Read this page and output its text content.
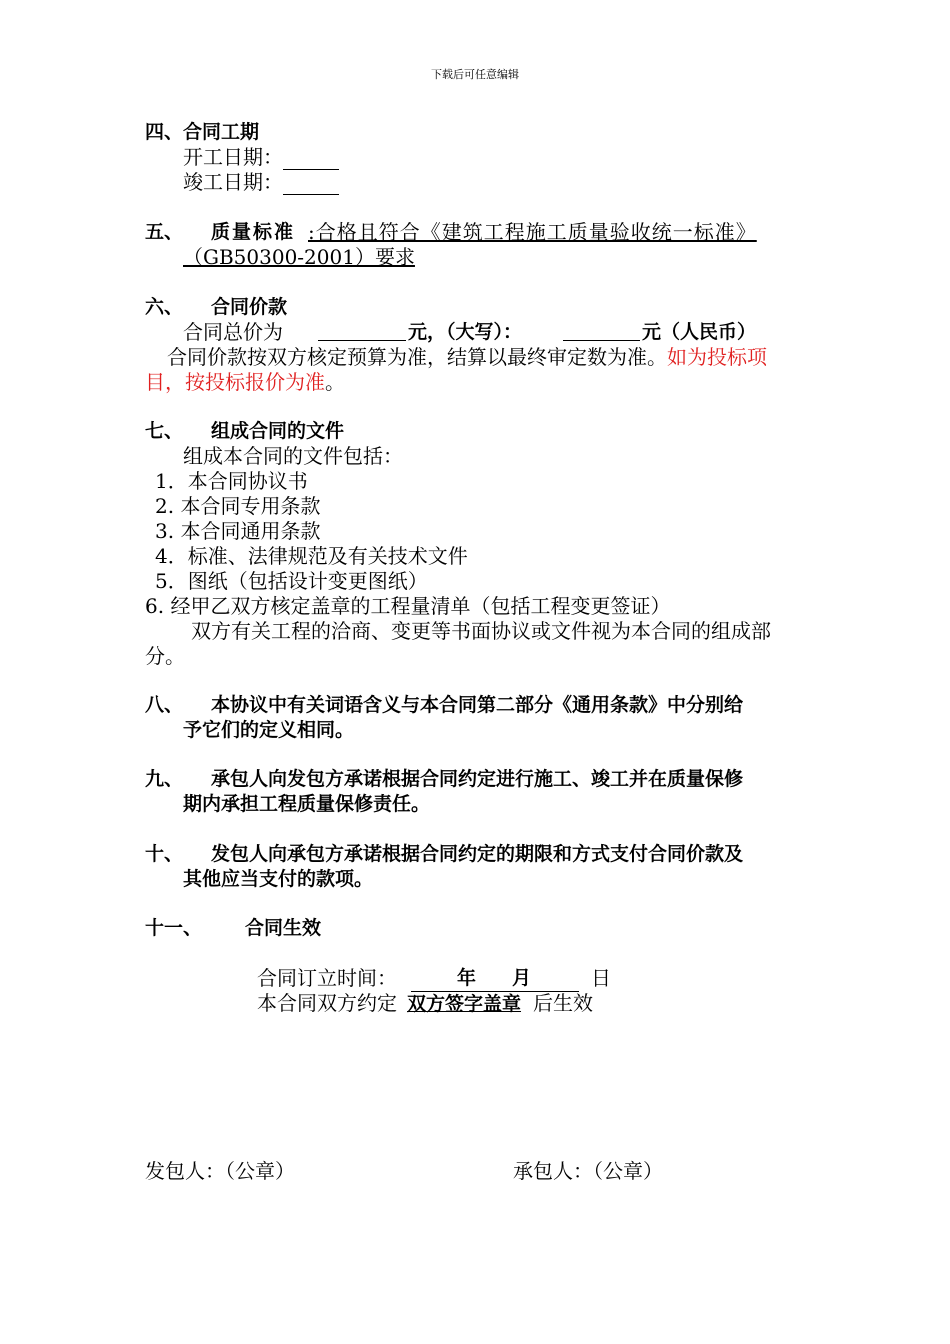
下载后可任意编辑
四、合同工期
开工日期：
竣工日期：
五、 质量标准 :合格且符合《建筑工程施工质量验收统一标准》
（GB50300-2001）要求
六、 合同价款
合同总价为	元，（大写）：	元（人民币）
合同价款按双方核定预算为准，结算以最终审定数为准。如为投标项
目，按投标报价为准。
七、 组成合同的文件
组成本合同的文件包括：
1．本合同协议书
2. 本合同专用条款
3. 本合同通用条款
4．标准、法律规范及有关技术文件
5．图纸（包括设计变更图纸）
6. 经甲乙双方核定盖章的工程量清单（包括工程变更签证）
双方有关工程的洽商、变更等书面协议或文件视为本合同的组成部
分。
八、 本协议中有关词语含义与本合同第二部分《通用条款》中分别给
予它们的定义相同。
九、 承包人向发包方承诺根据合同约定进行施工、竣工并在质量保修
期内承担工程质量保修责任。
十、 发包人向承包方承诺根据合同约定的期限和方式支付合同价款及
其他应当支付的款项。
十一、 合同生效
合同订立时间：	年 月	日
本合同双方约定 双方签字盖章 后生效
发包人：（公章）	承包人：（公章）
